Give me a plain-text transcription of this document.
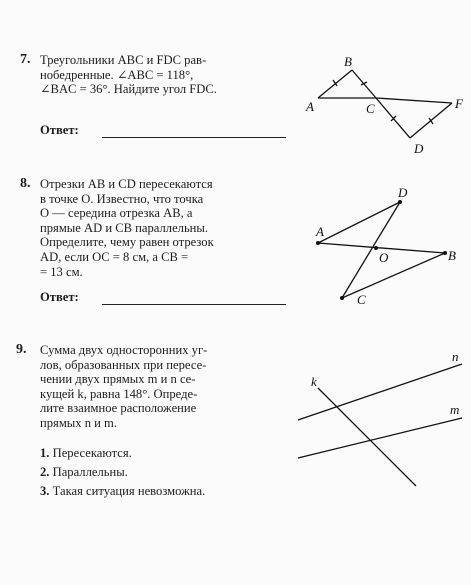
7. Треугольники ABC и FDC рав-

нобедренные. ∠ABC = 118°,

∠BAC = 36°. Найдите угол FDC.

Ответ:
B
A	C	F
D
8. Отрезки AB и CD пересекаются

в точке O. Известно, что точка

O — середина отрезка AB, а

прямые AD и CB параллельны.

Определите, чему равен отрезок

AD, если OC = 8 см, а CB =

= 13 см.

Ответ:
A
D
B
C
O
9. Сумма двух односторонних уг-

лов, образованных при пересе-

чении двух прямых m и n се-

кущей k, равна 148°. Опреде-

лите взаимное расположение

прямых n и m.

1. Пересекаются.
2. Параллельны.
3. Такая ситуация невозможна.
n
m
k
